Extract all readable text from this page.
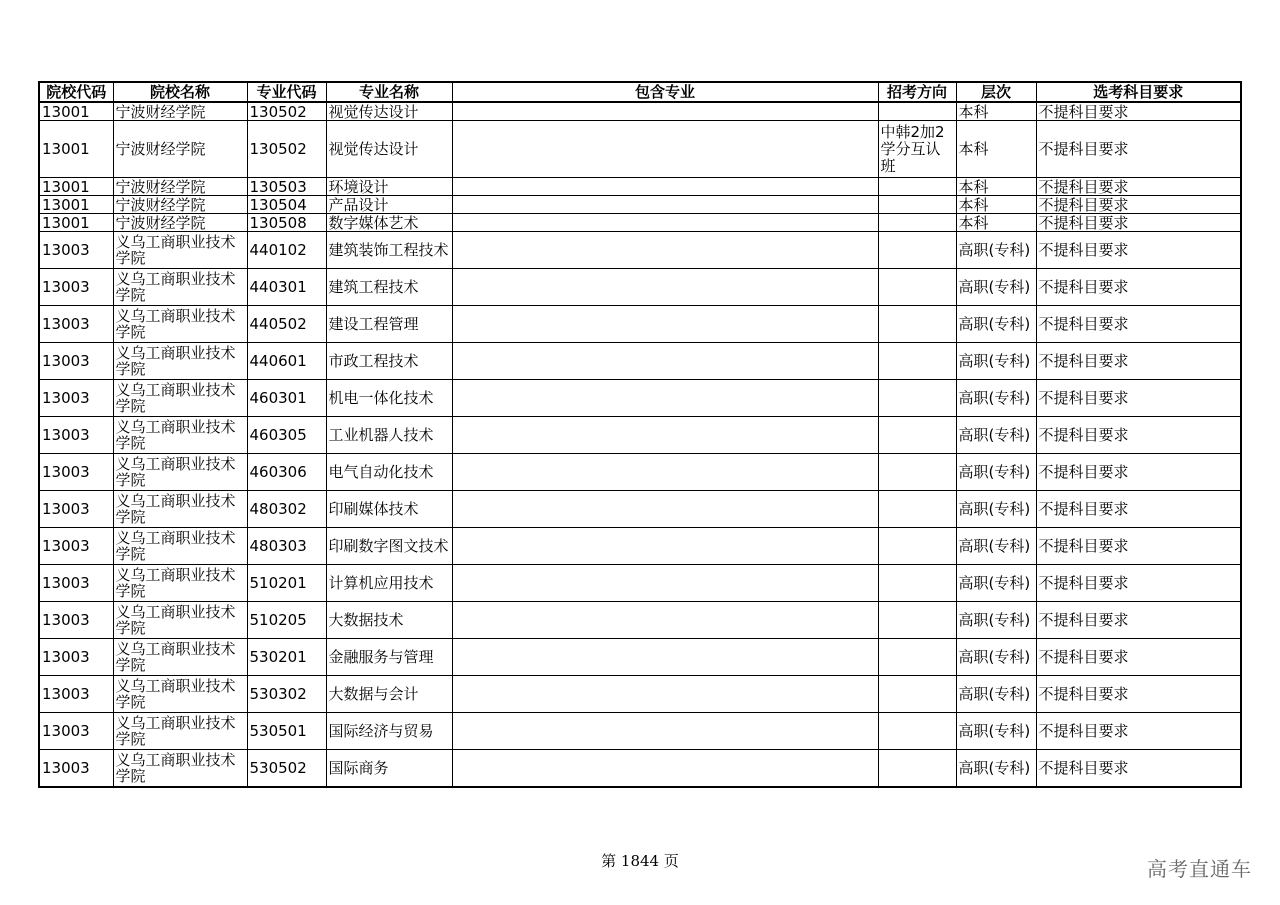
院校代码	院校名称	专业代码	专业名称	包含专业	招考方向	层次	选考科目要求
13001	宁波财经学院	130502	视觉传达设计			本科	不提科目要求
13001	宁波财经学院	130502	视觉传达设计		中韩2加2学分互认班	本科	不提科目要求
13001	宁波财经学院	130503	环境设计			本科	不提科目要求
13001	宁波财经学院	130504	产品设计			本科	不提科目要求
13001	宁波财经学院	130508	数字媒体艺术			本科	不提科目要求
13003	义乌工商职业技术学院	440102	建筑装饰工程技术			高职(专科)	不提科目要求
13003	义乌工商职业技术学院	440301	建筑工程技术			高职(专科)	不提科目要求
13003	义乌工商职业技术学院	440502	建设工程管理			高职(专科)	不提科目要求
13003	义乌工商职业技术学院	440601	市政工程技术			高职(专科)	不提科目要求
13003	义乌工商职业技术学院	460301	机电一体化技术			高职(专科)	不提科目要求
13003	义乌工商职业技术学院	460305	工业机器人技术			高职(专科)	不提科目要求
13003	义乌工商职业技术学院	460306	电气自动化技术			高职(专科)	不提科目要求
13003	义乌工商职业技术学院	480302	印刷媒体技术			高职(专科)	不提科目要求
13003	义乌工商职业技术学院	480303	印刷数字图文技术			高职(专科)	不提科目要求
13003	义乌工商职业技术学院	510201	计算机应用技术			高职(专科)	不提科目要求
13003	义乌工商职业技术学院	510205	大数据技术			高职(专科)	不提科目要求
13003	义乌工商职业技术学院	530201	金融服务与管理			高职(专科)	不提科目要求
13003	义乌工商职业技术学院	530302	大数据与会计			高职(专科)	不提科目要求
13003	义乌工商职业技术学院	530501	国际经济与贸易			高职(专科)	不提科目要求
13003	义乌工商职业技术学院	530502	国际商务			高职(专科)	不提科目要求
第 1844 页	高考直通车
